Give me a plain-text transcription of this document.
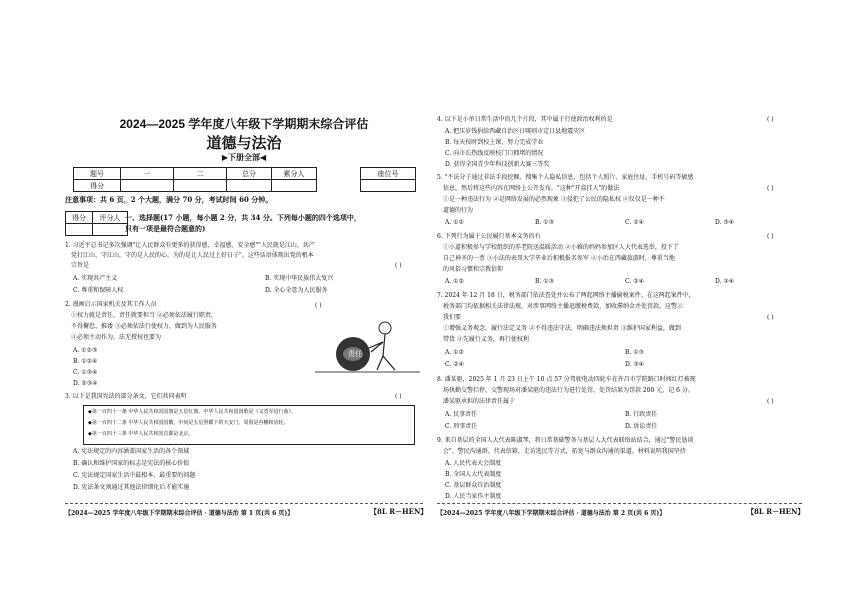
2024—2025 学年度八年级下学期期末综合评估
道德与法治
▶下册全部◀
题号	一	二	总分	累分人
得分				
座位号

注意事项：共 6 页，2 个大题，满分 70 分，考试时间 60 分钟。
得分	评分人
	一、选择题(17 小题，每小题 2 分，共 34 分。下列每小题的四个选项中，
只有一项是最符合题意的)
1. 习近平总书记多次强调"让人民群众有更多的获得感、幸福感、安全感""人民就是江山，共产
党打江山、守江山，守的是人民的心，为的是让人民过上好日子"。这些话语体现出党的根本
宗旨是	( )
A. 实现共产主义	B. 实现中华民族伟大复兴
C. 尊重和保障人权	D. 全心全意为人民服务
2. 漫画启示国家机关及其工作人员
①权力就是责任，责任就要担当 ②必须依法履行职责，
不得懈怠、推诿 ③必须依法行使权力，做到为人民服务
④必须主动作为，法无授权也要为
A. ①②③
B. ①②④
C. ①③④
D. ②③④
( )
责任
3. 以下是我国宪法的部分条文，它们共同表明	( )
◆第一百四十一条 中华人民共和国国旗是五星红旗。中华人民共和国国歌是《义勇军进行曲》。
◆第一百四十二条 中华人民共和国国徽，中间是五星照耀下的天安门，周围是谷穗和齿轮。
◆第一百四十三条 中华人民共和国首都是北京。
A. 宪法规定的内容涵盖国家生活的各个领域
B. 确认和维护国家的标志是宪法的核心价值
C. 宪法规定国家生活中最根本、最重要的问题
D. 宪法条文须通过其他法律细化后才能实施
【2024—2025 学年度八年级下学期期末综合评估 · 道德与法治 第 1 页(共 6 页)】	【8L R－HEN】
4. 以下是小单日常生活中的几个片段，其中属于行使政治权利的是	( )
A. 把压岁钱捐给西藏自治区日喀则市定日县地震灾区
B. 每天按时到校上课，努力完成学业
C. 向市长热线反映校门口拥堵的情况
D. 获得全国青少年科技创新大赛三等奖
5. "不法分子通过非法手段挖掘、搜集个人隐私信息，包括个人照片、家庭住址、手机号码等敏感
信息，然后将这些内容在网络上公开发布。"这种"开盒挂人"的做法	( )
①是一种违法行为 ②是网络发展的必然现象 ③侵犯了公民的隐私权 ④仅仅是一种不
道德的行为
A. ①②	B. ①③	C. ②④	D. ③④
6. 下列行为属于公民履行基本义务的有	( )
①小道积极参与学校组织的养老院送温暖活动 ②小雅的妈妈参加区人大代表选举，投下了
自己神圣的一票 ③小法的表哥大学毕业后积极报名参军 ④小治在西藏旅游时，尊重当地
的风俗习惯和宗教信仰
A. ①②	B. ①③	C. ②④	D. ③④
7. 2024 年 12 月 18 日，税务部门依法查处并公布了两起网络主播偷税案件。在这两起案件中，
税务部门均依据相关法律法规，对涉事网络主播追缴税费款、加收滞纳金并处罚款。这警示
我们要	( )
①增强义务观念，履行法定义务 ②不得违法守法，明确违法须担责 ③维护国家利益，做到
带货 ④先履行义务，再行使权利
A. ①②	B. ①③
C. ②④	D. ③④
8. 潘某驱，2025 年 1 月 23 日上午 10 点 57 分驾驶电动四轮车在许昌市学院路口时闯红灯被现
场执勤交警拦停，交警现场对潘某驱的违法行为进行处罚，处罚结果为罚款 200 元，记 6 分。
潘某驱承担的法律责任属于	( )
A. 民事责任	B. 行政责任
C. 刑事责任	D. 诉讼责任
9. 来自基层的全国人大代表陈淑琴，将日常基础警务与基层人大代表联络站结合，通过"警民恳谈
会"、警民沟通群、代表信箱、走访选民等方式，拓宽与群众沟通的渠道。材料说明我国坚持
A. 人民代表大会制度
B. 全国人大代表制度
C. 基层群众自治制度
D. 人民当家作主制度
【2024—2025 学年度八年级下学期期末综合评估 · 道德与法治 第 2 页(共 6 页)】	【8L R－HEN】
